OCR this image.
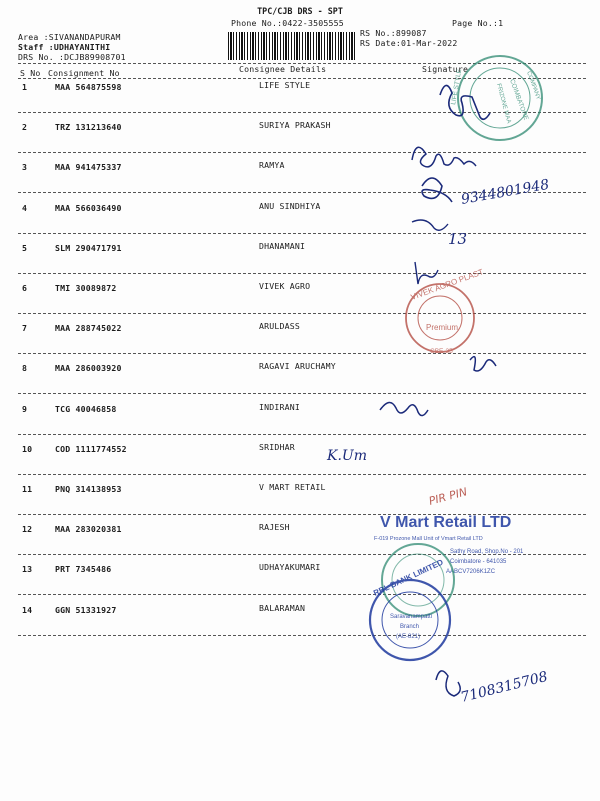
TPC/CJB DRS - SPT
Phone No.:0422-3505555	Page No.:1
Area :SIVANANDAPURAM
Staff :UDHAYANITHI
DRS No. :DCJB89908701
RS No.:899087
RS Date:01-Mar-2022
S No Consignment No	Consignee Details	Signature
1	MAA 564875598	LIFE STYLE
2	TRZ 131213640	SURIYA PRAKASH
3	MAA 941475337	RAMYA
4	MAA 566036490	ANU SINDHIYA
5	SLM 290471791	DHANAMANI
6	TMI 30089872	VIVEK AGRO
7	MAA 288745022	ARULDASS
8	MAA 286003920	RAGAVI ARUCHAMY
9	TCG 40046858	INDIRANI
10	COD 1111774552	SRIDHAR
11	PNQ 314138953	V MART RETAIL
12	MAA 283020381	RAJESH
13	PRT 7345486	UDHAYAKUMARI
14	GGN 51331927	BALARAMAN
COIMBATORE
FRIZONE MAA
LIFE STYLE	COMPANY
9344801948
13
VIVEK AGRO PLAST
Premium
CBE-35
K.Um
PIR PIN
V Mart Retail LTD
F-019 Prozone Mall Unit of Vmart Retail LTD
Sathy Road, Shop.No - 201
Coimbatore - 641035
AABCV7206K1ZC
RBL BANK LIMITED
Saravanampatti
Branch
(AE-821)
7108315708
